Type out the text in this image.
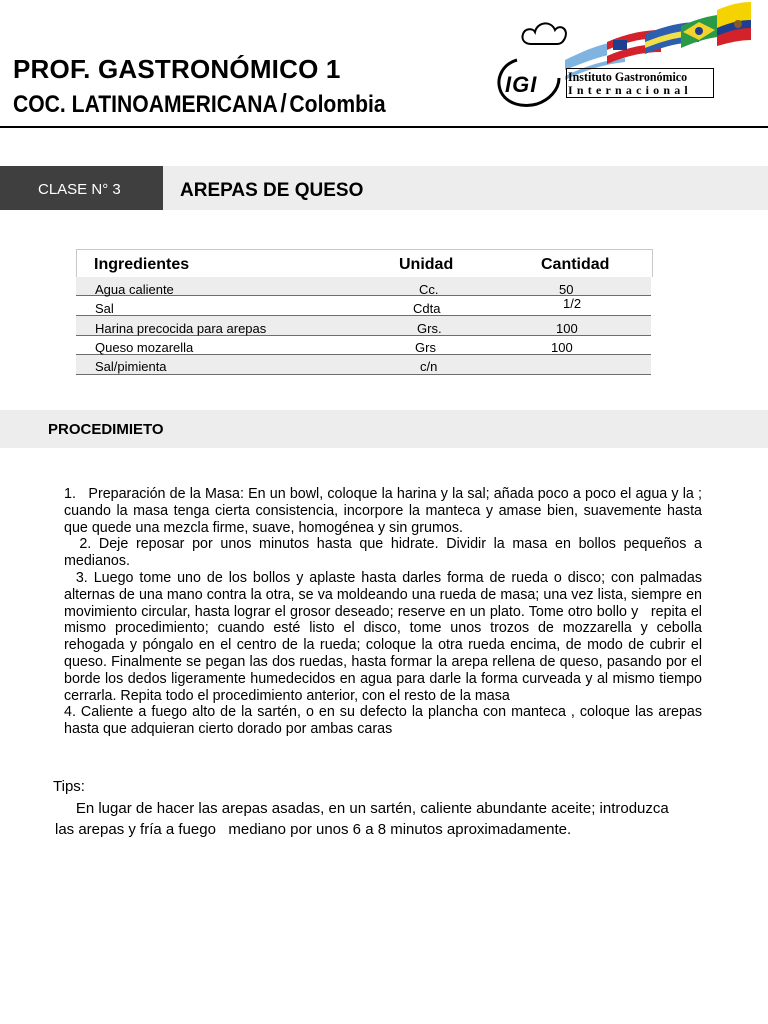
PROF. GASTRONÓMICO 1
COC. LATINOAMERICANA / Colombia
IGI Instituto Gastronómico
Internacional
CLASE N° 3	AREPAS DE QUESO
Ingredientes	Unidad	Cantidad
Agua caliente	Cc.	50
Sal	Cdta	1/2
Harina precocida para arepas	Grs.	100
Queso mozarella	Grs	100
Sal/pimienta	c/n
PROCEDIMIETO

1.   Preparación de la Masa: En un bowl, coloque la harina y la sal; añada poco a poco el agua y la ; cuando la masa tenga cierta consistencia, incorpore la manteca y amase bien, suavemente hasta que quede una mezcla firme, suave, homogénea y sin grumos.

2. Deje reposar por unos minutos hasta que hidrate. Dividir la masa en bollos pequeños a medianos.

3. Luego tome uno de los bollos y aplaste hasta darles forma de rueda o disco; con palmadas alternas de una mano contra la otra, se va moldeando una rueda de masa; una vez lista, siempre en movimiento circular, hasta lograr el grosor deseado; reserve en un plato. Tome otro bollo y   repita el   mismo procedimiento; cuando esté listo el disco, tome unos trozos de mozzarella y cebolla rehogada y póngalo en el centro de la rueda; coloque la otra rueda encima, de modo de cubrir el queso. Finalmente se pegan las dos ruedas, hasta formar la arepa rellena de queso, pasando por el borde los dedos ligeramente humedecidos en agua para darle la forma curveada y al mismo tiempo cerrarla. Repita todo el procedimiento anterior, con el resto de la masa

4. Caliente a fuego alto de la sartén, o en su defecto la plancha con manteca , coloque las arepas hasta que adquieran cierto dorado por ambas caras

Tips:

En lugar de hacer las arepas asadas, en un sartén, caliente abundante aceite; introduzca

las arepas y fría a fuego   mediano por unos 6 a 8 minutos aproximadamente.
